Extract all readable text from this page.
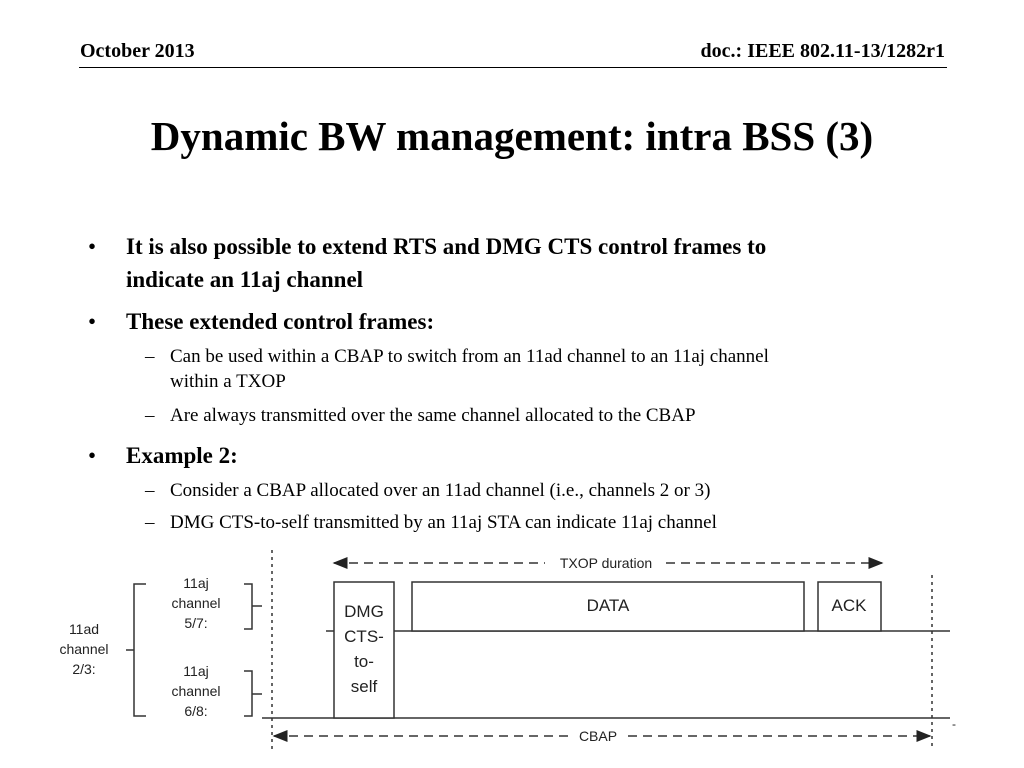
October 2013	doc.: IEEE 802.11-13/1282r1
Dynamic BW management: intra BSS (3)
• It is also possible to extend RTS and DMG CTS control frames to
indicate an 11aj channel
• These extended control frames:
– Can be used within a CBAP to switch from an 11ad channel to an 11aj channel
within a TXOP
– Are always transmitted over the same channel allocated to the CBAP
• Example 2:
– Consider a CBAP allocated over an 11ad channel (i.e., channels 2 or 3)
– DMG CTS-to-self transmitted by an 11aj STA can indicate 11aj channel
TXOP duration
CBAP
DMG
CTS-
to-
self
DATA	ACK
11ad
channel
2/3:
11aj
channel
5/7:
11aj
channel
6/8:
-
